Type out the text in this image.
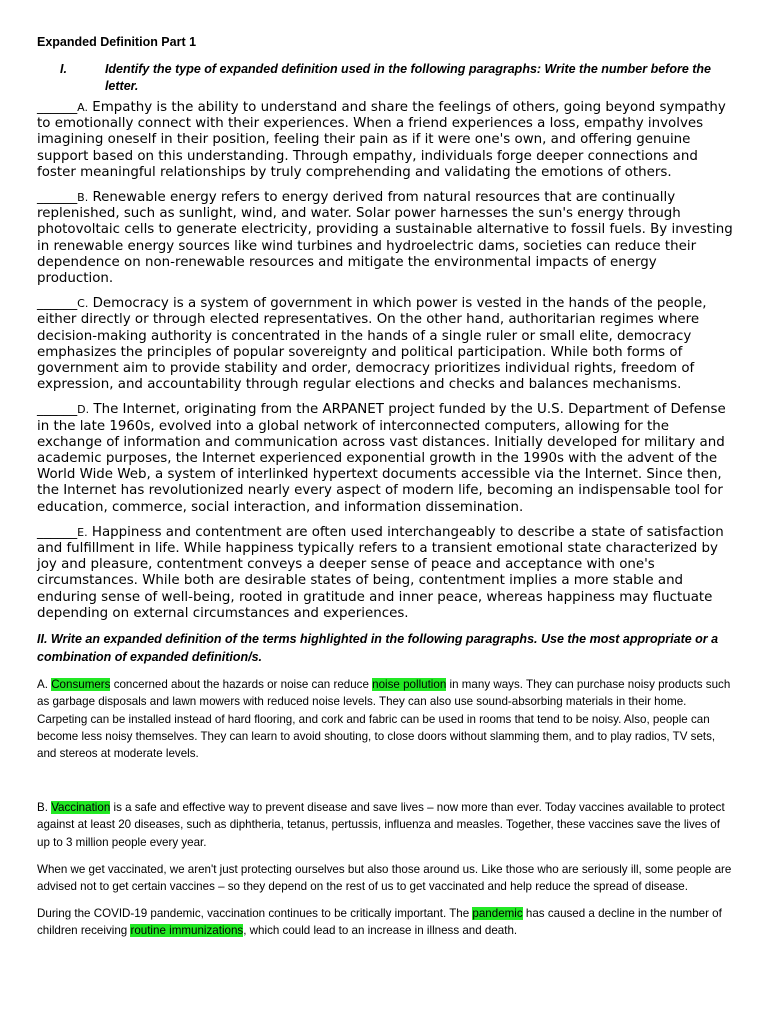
Expanded Definition Part 1
I.	Identify the type of expanded definition used in the following paragraphs: Write the number before the letter.

______A. Empathy is the ability to understand and share the feelings of others, going beyond sympathy to emotionally connect with their experiences. When a friend experiences a loss, empathy involves imagining oneself in their position, feeling their pain as if it were one's own, and offering genuine support based on this understanding. Through empathy, individuals forge deeper connections and foster meaningful relationships by truly comprehending and validating the emotions of others.

______B. Renewable energy refers to energy derived from natural resources that are continually replenished, such as sunlight, wind, and water. Solar power harnesses the sun's energy through photovoltaic cells to generate electricity, providing a sustainable alternative to fossil fuels. By investing in renewable energy sources like wind turbines and hydroelectric dams, societies can reduce their dependence on non-renewable resources and mitigate the environmental impacts of energy production.

______C. Democracy is a system of government in which power is vested in the hands of the people, either directly or through elected representatives. On the other hand, authoritarian regimes where decision-making authority is concentrated in the hands of a single ruler or small elite, democracy emphasizes the principles of popular sovereignty and political participation. While both forms of government aim to provide stability and order, democracy prioritizes individual rights, freedom of expression, and accountability through regular elections and checks and balances mechanisms.

______D. The Internet, originating from the ARPANET project funded by the U.S. Department of Defense in the late 1960s, evolved into a global network of interconnected computers, allowing for the exchange of information and communication across vast distances. Initially developed for military and academic purposes, the Internet experienced exponential growth in the 1990s with the advent of the World Wide Web, a system of interlinked hypertext documents accessible via the Internet. Since then, the Internet has revolutionized nearly every aspect of modern life, becoming an indispensable tool for education, commerce, social interaction, and information dissemination.

______E. Happiness and contentment are often used interchangeably to describe a state of satisfaction and fulfillment in life. While happiness typically refers to a transient emotional state characterized by joy and pleasure, contentment conveys a deeper sense of peace and acceptance with one's circumstances. While both are desirable states of being, contentment implies a more stable and enduring sense of well-being, rooted in gratitude and inner peace, whereas happiness may fluctuate depending on external circumstances and experiences.

II. Write an expanded definition of the terms highlighted in the following paragraphs. Use the most appropriate or a combination of expanded definition/s.

A. Consumers concerned about the hazards or noise can reduce noise pollution in many ways. They can purchase noisy products such as garbage disposals and lawn mowers with reduced noise levels. They can also use sound-absorbing materials in their home. Carpeting can be installed instead of hard flooring, and cork and fabric can be used in rooms that tend to be noisy. Also, people can become less noisy themselves. They can learn to avoid shouting, to close doors without slamming them, and to play radios, TV sets, and stereos at moderate levels.

B. Vaccination is a safe and effective way to prevent disease and save lives – now more than ever. Today vaccines available to protect against at least 20 diseases, such as diphtheria, tetanus, pertussis, influenza and measles. Together, these vaccines save the lives of up to 3 million people every year.

When we get vaccinated, we aren't just protecting ourselves but also those around us. Like those who are seriously ill, some people are advised not to get certain vaccines – so they depend on the rest of us to get vaccinated and help reduce the spread of disease.

During the COVID-19 pandemic, vaccination continues to be critically important. The pandemic has caused a decline in the number of children receiving routine immunizations, which could lead to an increase in illness and death.
